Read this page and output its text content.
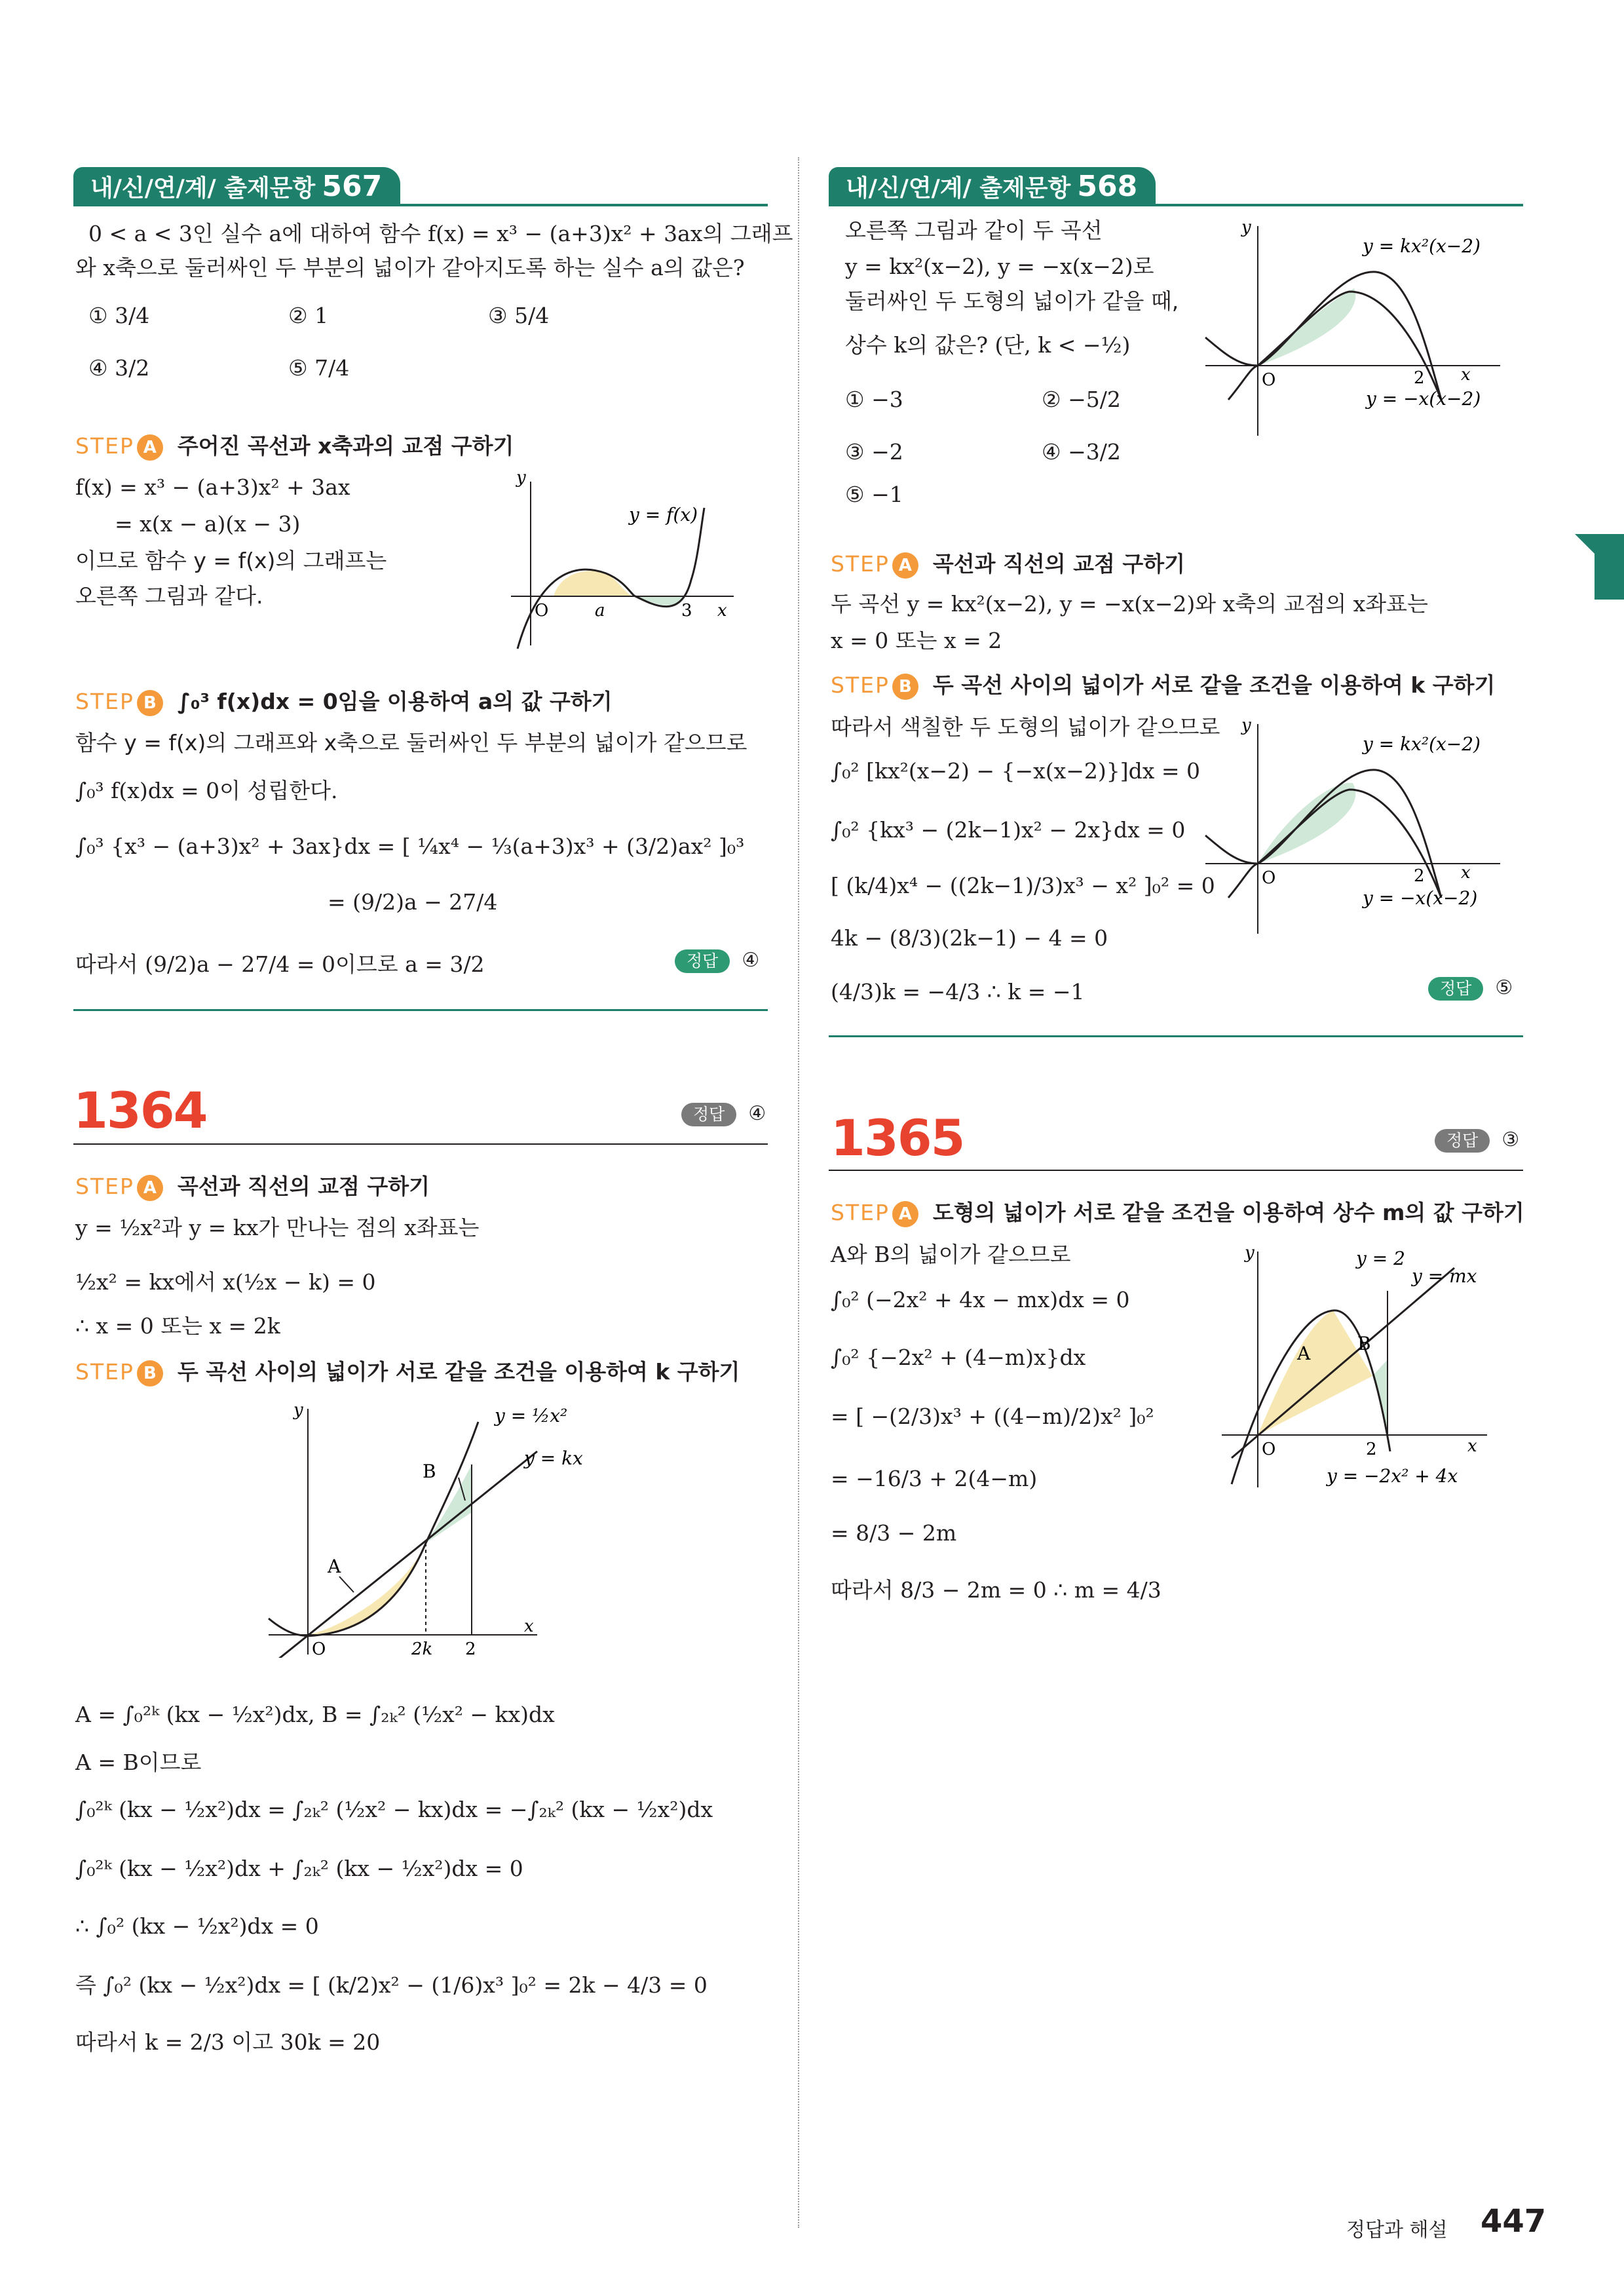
내/신/연/계/ 출제문항 567
0 < a < 3인 실수 a에 대하여 함수 f(x) = x³ − (a+3)x² + 3ax의 그래프
와 x축으로 둘러싸인 두 부분의 넓이가 같아지도록 하는 실수 a의 값은?
① 3/4	② 1	③ 5/4
④ 3/2	⑤ 7/4
STEP A 주어진 곡선과 x축과의 교점 구하기
f(x) = x³ − (a+3)x² + 3ax
= x(x − a)(x − 3)
이므로 함수 y = f(x)의 그래프는
오른쪽 그림과 같다.
y
x
y = f(x)
O	a	3
STEP B ∫₀³ f(x)dx = 0임을 이용하여 a의 값 구하기
함수 y = f(x)의 그래프와 x축으로 둘러싸인 두 부분의 넓이가 같으므로
∫₀³ f(x)dx = 0이 성립한다.
∫₀³ {x³ − (a+3)x² + 3ax}dx = [ ¼x⁴ − ⅓(a+3)x³ + (3/2)ax² ]₀³
= (9/2)a − 27/4
따라서 (9/2)a − 27/4 = 0이므로 a = 3/2	정답 ④
1364	정답 ④
STEP A 곡선과 직선의 교점 구하기
y = ½x²과 y = kx가 만나는 점의 x좌표는
½x² = kx에서 x(½x − k) = 0
∴ x = 0 또는 x = 2k
STEP B 두 곡선 사이의 넓이가 서로 같을 조건을 이용하여 k 구하기
y
x
y = ½x²
y = kx
O	2k 2
A
B
A = ∫₀²ᵏ (kx − ½x²)dx, B = ∫₂ₖ² (½x² − kx)dx
A = B이므로
∫₀²ᵏ (kx − ½x²)dx = ∫₂ₖ² (½x² − kx)dx = −∫₂ₖ² (kx − ½x²)dx
∫₀²ᵏ (kx − ½x²)dx + ∫₂ₖ² (kx − ½x²)dx = 0
∴ ∫₀² (kx − ½x²)dx = 0
즉 ∫₀² (kx − ½x²)dx = [ (k/2)x² − (1/6)x³ ]₀² = 2k − 4/3 = 0
따라서 k = 2/3 이고 30k = 20
내/신/연/계/ 출제문항 568
오른쪽 그림과 같이 두 곡선
y = kx²(x−2), y = −x(x−2)로
둘러싸인 두 도형의 넓이가 같을 때,
상수 k의 값은? (단, k < −½)
① −3	② −5/2
③ −2	④ −3/2
⑤ −1
y
x
y = kx²(x−2)
y = −x(x−2)
O	2
STEP A 곡선과 직선의 교점 구하기
두 곡선 y = kx²(x−2), y = −x(x−2)와 x축의 교점의 x좌표는
x = 0 또는 x = 2
STEP B 두 곡선 사이의 넓이가 서로 같을 조건을 이용하여 k 구하기
따라서 색칠한 두 도형의 넓이가 같으므로
∫₀² [kx²(x−2) − {−x(x−2)}]dx = 0
∫₀² {kx³ − (2k−1)x² − 2x}dx = 0
[ (k/4)x⁴ − ((2k−1)/3)x³ − x² ]₀² = 0
4k − (8/3)(2k−1) − 4 = 0
(4/3)k = −4/3 ∴ k = −1
y
x
y = kx²(x−2)
y = −x(x−2)
O	2
정답 ⑤
1365	정답 ③
STEP A 도형의 넓이가 서로 같을 조건을 이용하여 상수 m의 값 구하기
A와 B의 넓이가 같으므로
∫₀² (−2x² + 4x − mx)dx = 0
∫₀² {−2x² + (4−m)x}dx
= [ −(2/3)x³ + ((4−m)/2)x² ]₀²
= −16/3 + 2(4−m)
= 8/3 − 2m
따라서 8/3 − 2m = 0 ∴ m = 4/3
y
x
y = 2
y = mx
y = −2x² + 4x
O	2
A	B
정답과 해설 447
